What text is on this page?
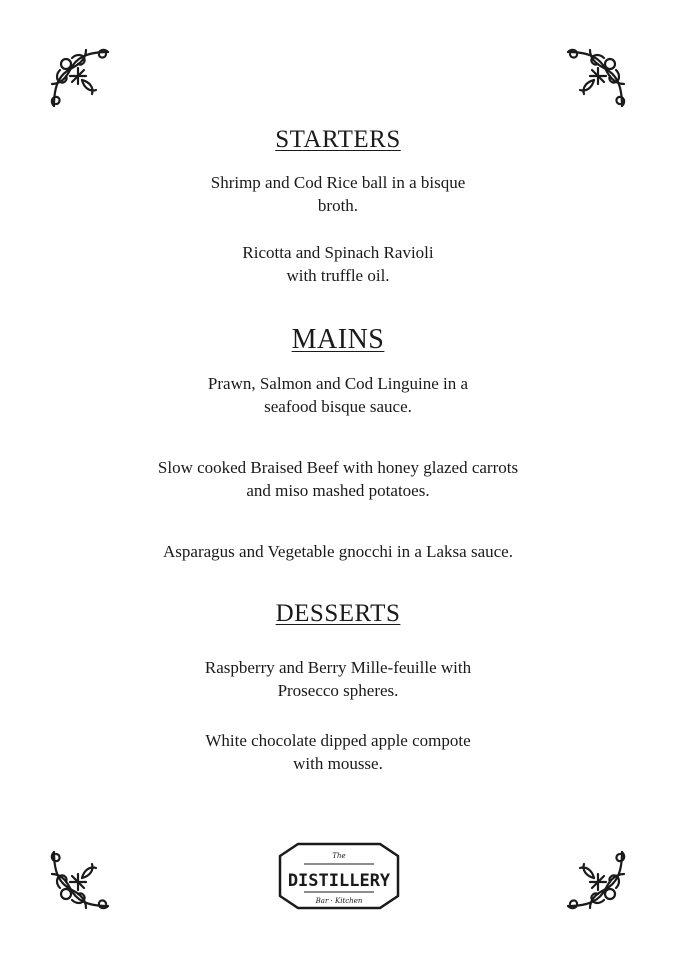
STARTERS
Shrimp and Cod Rice ball in a bisque
broth.
Ricotta and Spinach Ravioli
with truffle oil.
MAINS
Prawn, Salmon and Cod Linguine in a
seafood bisque sauce.
Slow cooked Braised Beef with honey glazed carrots
and miso mashed potatoes.
Asparagus and Vegetable gnocchi in a Laksa sauce.
DESSERTS
Raspberry and Berry Mille-feuille with
Prosecco spheres.
White chocolate dipped apple compote
with mousse.
The
DISTILLERY
Bar · Kitchen
